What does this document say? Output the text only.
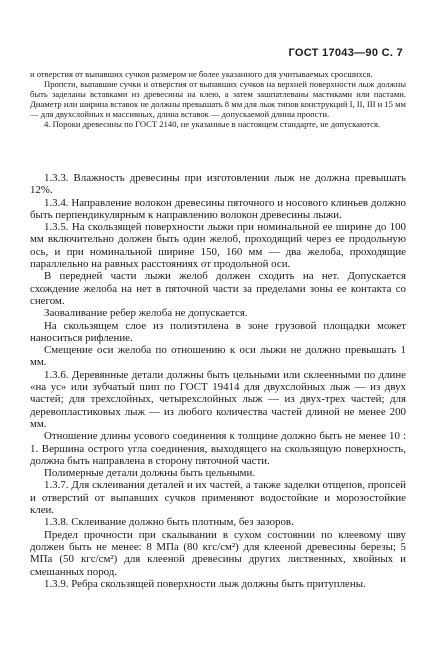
ГОСТ 17043—90 С. 7

и отверстия от выпавших сучков размером не более указанного для учитываемых сросшихся.

Пропсти, выпавшие сучки и отверстия от выпавших сучков на верхней поверхности лыж должны быть заделаны вставками из древесины на клею, а затем зашпатлеваны мастиками или пастами. Диаметр или ширина вставок не должны превышать 8 мм для лыж типов конструкций I, II, III и 15 мм — для двухслойных и массивных, длина вставок — допускаемой длины пропсти.

4. Пороки древесины по ГОСТ 2140, не указанные в настоящем стандарте, не допускаются.

1.3.3. Влажность древесины при изготовлении лыж не должна превышать 12%.

1.3.4. Направление волокон древесины пяточного и носового клиньев должно быть перпендикулярным к направлению волокон древесины лыжи.

1.3.5. На скользящей поверхности лыжи при номинальной ее ширине до 100 мм включительно должен быть один желоб, проходящий через ее продольную ось, и при номинальной ширине 150, 160 мм — два желоба, проходящие параллельно на равных расстояниях от продольной оси.

В передней части лыжи желоб должен сходить на нет. Допускается схождение желоба на нет в пяточной части за пределами зоны ее контакта со снегом.

Заоваливание ребер желоба не допускается.

На скользящем слое из полиэтилена в зоне грузовой площадки может наноситься рифление.

Смещение оси желоба по отношению к оси лыжи не должно превышать 1 мм.

1.3.6. Деревянные детали должны быть цельными или склеенными по длине «на ус» или зубчатый шип по ГОСТ 19414 для двухслойных лыж — из двух частей; для трехслойных, четырехслойных лыж — из двух-трех частей; для деревопластиковых лыж — из любого количества частей длиной не менее 200 мм.

Отношение длины усового соединения к толщине должно быть не менее 10 : 1. Вершина острого угла соединения, выходящего на скользящую поверхность, должна быть направлена в сторону пяточной части.

Полимерные детали должны быть цельными.

1.3.7. Для склеивания деталей и их частей, а также заделки отщепов, пропсей и отверстий от выпавших сучков применяют водостойкие и морозостойкие клеи.

1.3.8. Склеивание должно быть плотным, без зазоров.

Предел прочности при скалывании в сухом состоянии по клеевому шву должен быть не менее: 8 МПа (80 кгс/см²) для клееной древесины березы; 5 МПа (50 кгс/см²) для клееной древесины других лиственных, хвойных и смешанных пород.

1.3.9. Ребра скользящей поверхности лыж должны быть притуплены.
